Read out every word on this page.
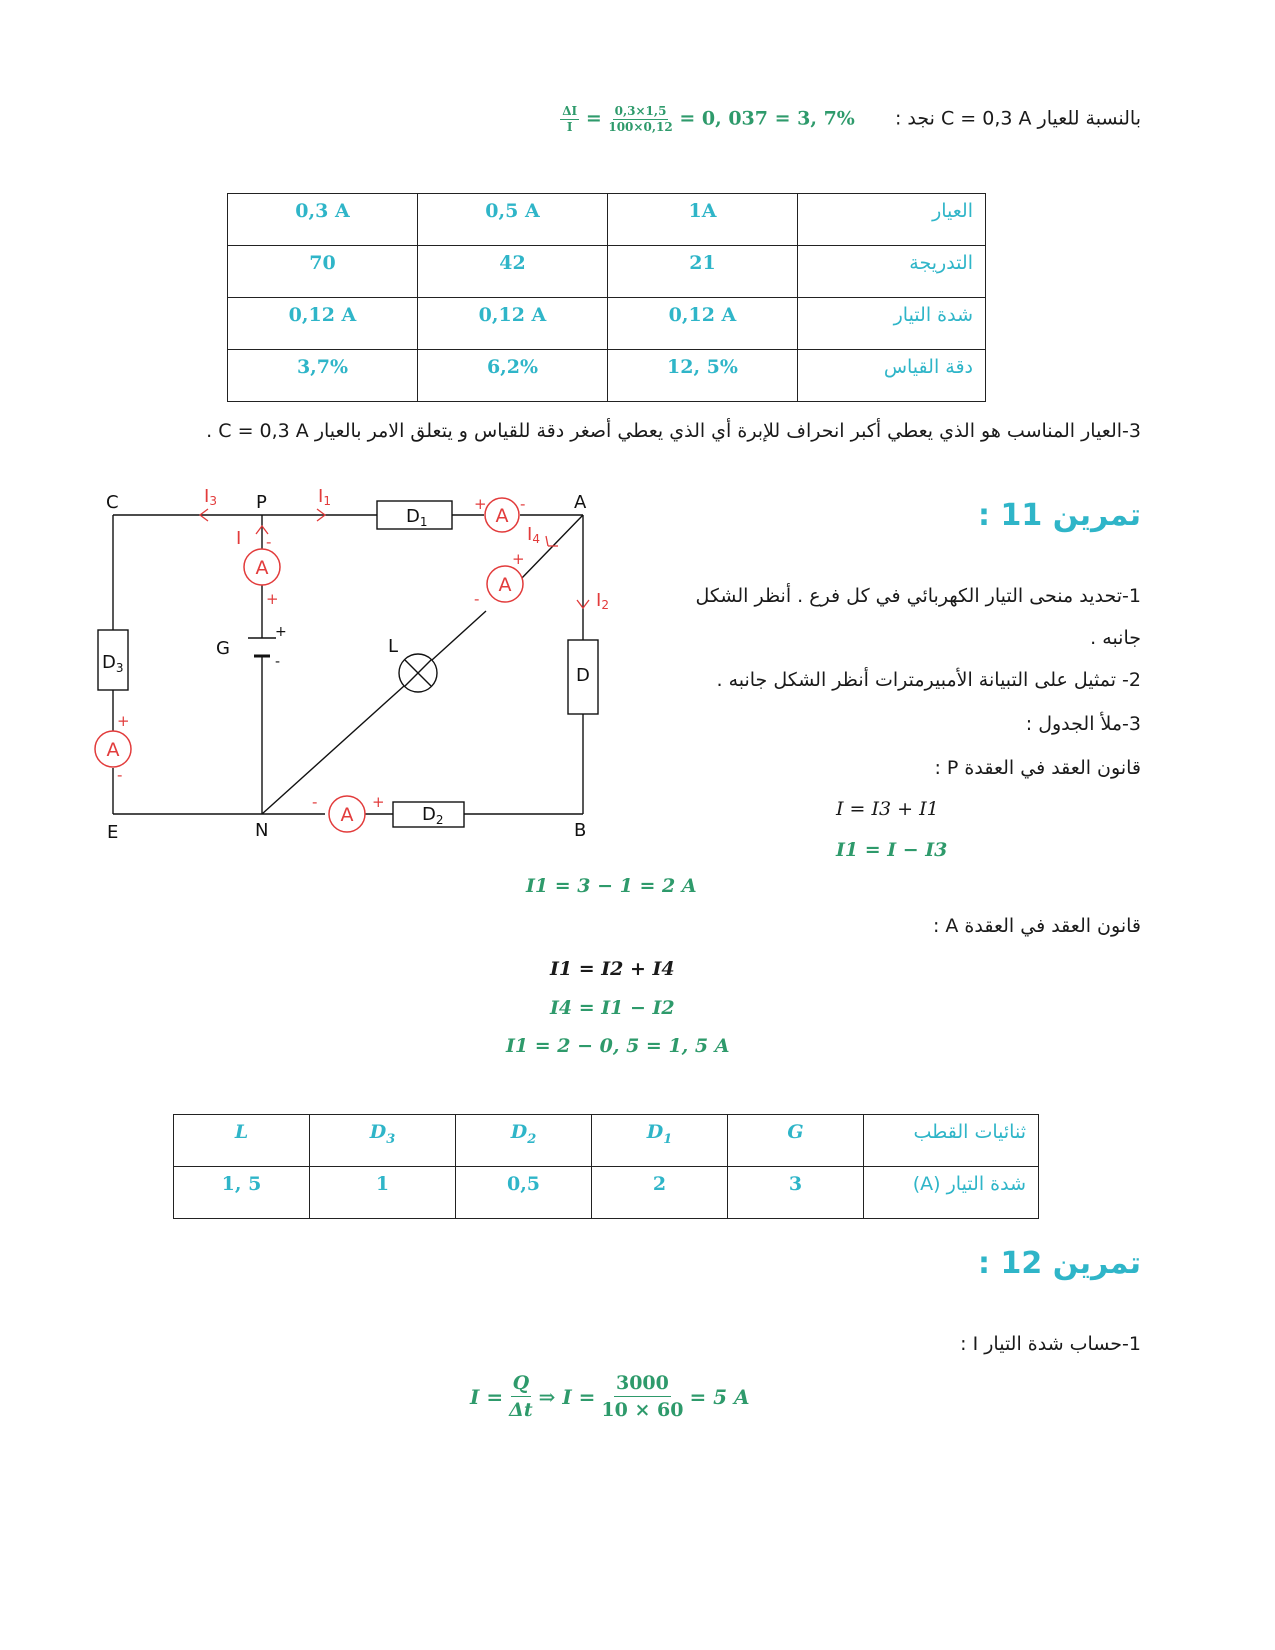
بالنسبة للعيار C = 0,3 A نجد :
$\frac{\Delta I}{I} = \frac{0,3\times 1,5}{100\times 0,12} = 0$, 037 = 3, 7%
0,3 A	0,5 A	1A	العيار
70	42	21	التدريجة
0,12 A	0,12 A	0,12 A	شدة التيار
3,7%	6,2%	12, 5%	دقة القياس
3-العيار المناسب هو الذي يعطي أكبر انحراف للإبرة أي الذي يعطي أصغر دقة للقياس و يتعلق الامر بالعيار C = 0,3 A .
تمرين 11 :
1-تحديد منحى التيار الكهربائي في كل فرع . أنظر الشكل
جانبه .
2- تمثيل على التبيانة الأمبيرمترات أنظر الشكل جانبه .
3-ملأ الجدول :
قانون العقد في العقدة P :
I = I3 + I1
I1 = I − I3
I1 = 3 − 1 = 2 A
قانون العقد في العقدة A :
I1 = I2 + I4
I4 = I1 − I2
I1 = 2 − 0, 5 = 1, 5 A
A
A
A
A
A
+ -
+
-
-
+
+
-
-	+
+
-
I3	I1
I	I4
I2
C	P	A
B
N
E
G	L
D
$D_1$
$D_2$
$D_3$
L	$D_3$	$D_2$	$D_1$	G	ثنائيات القطب
1, 5	1	0,5	2	3	شدة التيار (A)
تمرين 12 :
1-حساب شدة التيار I :
$I = \frac{Q}{\Delta t}$ ⇒ $I = \frac{3000}{10 \times 60} = 5$ A
